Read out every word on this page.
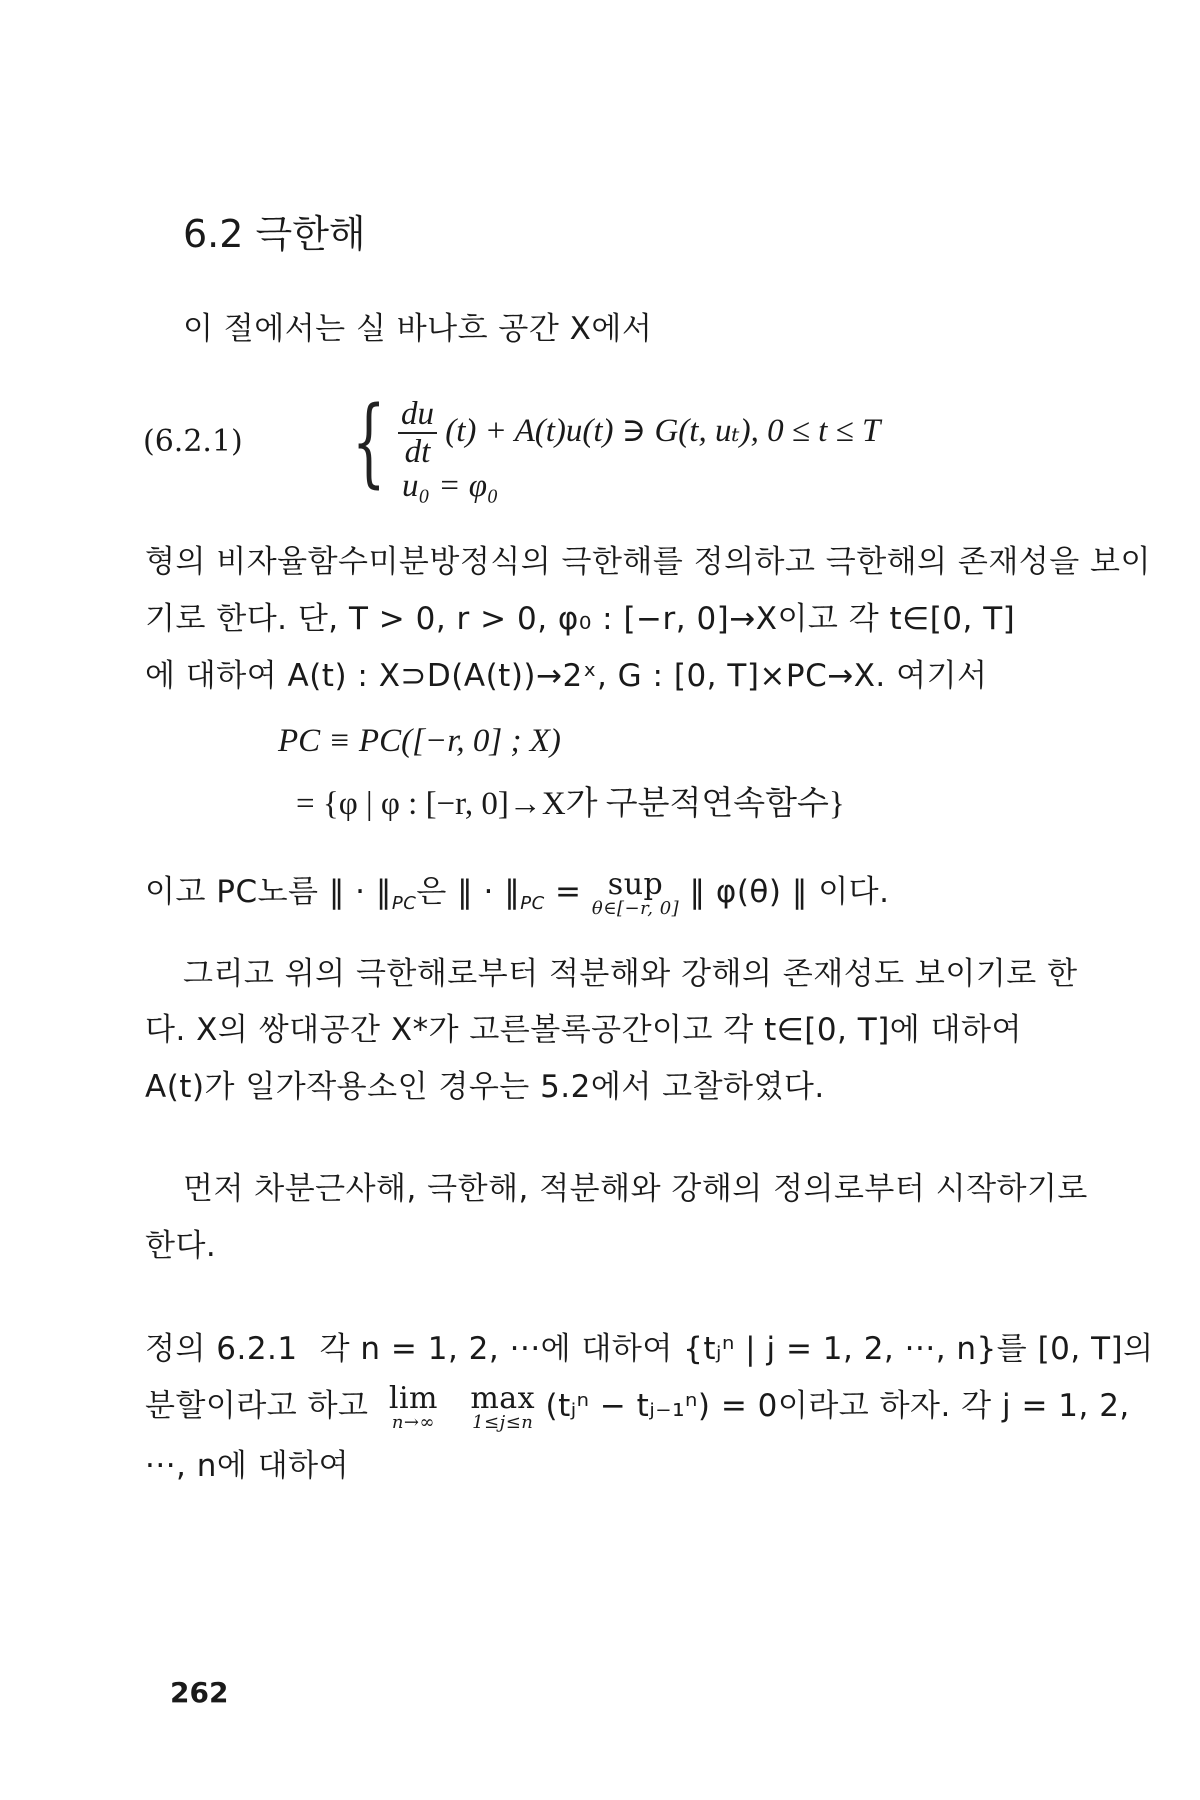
6.2 극한해
이 절에서는 실 바나흐 공간 X에서
(6.2.1) { $\frac{du}{dt} (t) + A(t)u(t)$ ∋ G(t, uₜ), 0 ≤ t ≤ T
u₀ = φ₀
형의 비자율함수미분방정식의 극한해를 정의하고 극한해의 존재성을 보이
기로 한다. 단, T > 0, r > 0, φ₀ : [−r, 0]→X이고 각 t∈[0, T]
에 대하여 A(t) : X⊃D(A(t))→2ˣ, G : [0, T]×PC→X. 여기서
PC ≡ PC([−r, 0] ; X)
= {φ | φ : [−r, 0]→X가 구분적연속함수}
이고 PC노름 ‖ · $‖_{PC}$은 ‖ · $‖_{PC}$ = sup
θ∈[−r, 0] ‖ φ(θ) ‖ 이다.
그리고 위의 극한해로부터 적분해와 강해의 존재성도 보이기로 한
다. X의 쌍대공간 X*가 고른볼록공간이고 각 t∈[0, T]에 대하여
A(t)가 일가작용소인 경우는 5.2에서 고찰하였다.
먼저 차분근사해, 극한해, 적분해와 강해의 정의로부터 시작하기로
한다.
정의 6.2.1 각 n = 1, 2, ···에 대하여 {tⱼⁿ | j = 1, 2, ···, n}를 [0, T]의
분할이라고 하고 lim
n→∞

max
1≤j≤n (tⱼⁿ − tⱼ₋₁ⁿ) = 0이라고 하자. 각 j = 1, 2,
···, n에 대하여
262
